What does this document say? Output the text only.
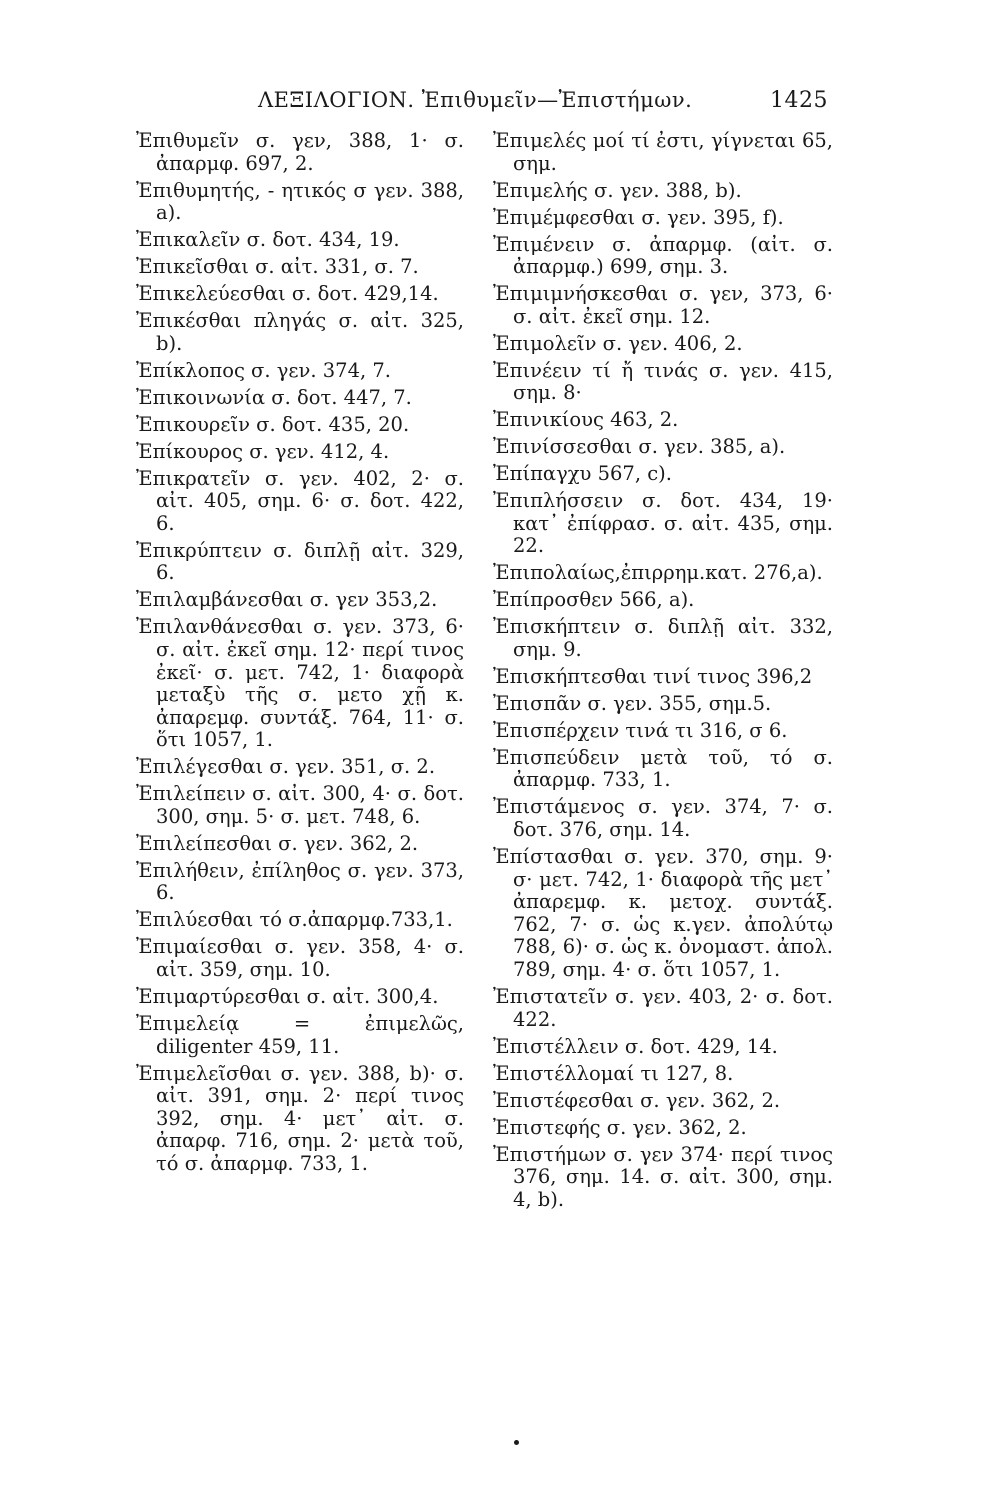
ΛΕΞΙΛΟΓΙΟΝ. Ἐπιθυμεῖν—Ἐπιστήμων.	1425
Ἐπιθυμεῖν σ. γεν, 388, 1· σ. ἀπαρμφ. 697, 2.
Ἐπιθυμητής, - ητικός σ γεν. 388, a).
Ἐπικαλεῖν σ. δοτ. 434, 19.
Ἐπικεῖσθαι σ. αἰτ. 331, σ. 7.
Ἐπικελεύεσθαι σ. δοτ. 429,14.
Ἐπικέσθαι πληγάς σ. αἰτ. 325, b).
Ἐπίκλοπος σ. γεν. 374, 7.
Ἐπικοινωνία σ. δοτ. 447, 7.
Ἐπικουρεῖν σ. δοτ. 435, 20.
Ἐπίκουρος σ. γεν. 412, 4.
Ἐπικρατεῖν σ. γεν. 402, 2· σ. αἰτ. 405, σημ. 6· σ. δοτ. 422, 6.
Ἐπικρύπτειν σ. διπλῇ αἰτ. 329, 6.
Ἐπιλαμβάνεσθαι σ. γεν 353,2.
Ἐπιλανθάνεσθαι σ. γεν. 373, 6· σ. αἰτ. ἐκεῖ σημ. 12· περί τινος ἐκεῖ· σ. μετ. 742, 1· διαφορὰ μεταξὺ τῆς σ. μετο χῇ κ. ἀπαρεμφ. συντάξ. 764, 11· σ. ὅτι 1057, 1.
Ἐπιλέγεσθαι σ. γεν. 351, σ. 2.
Ἐπιλείπειν σ. αἰτ. 300, 4· σ. δοτ. 300, σημ. 5· σ. μετ. 748, 6.
Ἐπιλείπεσθαι σ. γεν. 362, 2.
Ἐπιλήθειν, ἐπίληθος σ. γεν. 373, 6.
Ἐπιλύεσθαι τό σ.ἀπαρμφ.733,1.
Ἐπιμαίεσθαι σ. γεν. 358, 4· σ. αἰτ. 359, σημ. 10.
Ἐπιμαρτύρεσθαι σ. αἰτ. 300,4.
Ἐπιμελείᾳ = ἐπιμελῶς, diligenter 459, 11.
Ἐπιμελεῖσθαι σ. γεν. 388, b)· σ. αἰτ. 391, σημ. 2· περί τινος 392, σημ. 4· μετ᾽ αἰτ. σ. ἀπαρφ. 716, σημ. 2· μετὰ τοῦ, τό σ. ἀπαρμφ. 733, 1.
Ἐπιμελές μοί τί ἐστι, γίγνεται 65, σημ.
Ἐπιμελής σ. γεν. 388, b).
Ἐπιμέμφεσθαι σ. γεν. 395, f).
Ἐπιμένειν σ. ἀπαρμφ. (αἰτ. σ. ἀπαρμφ.) 699, σημ. 3.
Ἐπιμιμνήσκεσθαι σ. γεν, 373, 6· σ. αἰτ. ἐκεῖ σημ. 12.
Ἐπιμολεῖν σ. γεν. 406, 2.
Ἐπινέειν τί ἤ τινάς σ. γεν. 415, σημ. 8·
Ἐπινικίους 463, 2.
Ἐπινίσσεσθαι σ. γεν. 385, a).
Ἐπίπαγχυ 567, c).
Ἐπιπλήσσειν σ. δοτ. 434, 19· κατ᾽ ἐπίφρασ. σ. αἰτ. 435, σημ. 22.
Ἐπιπολαίως,ἐπιρρημ.κατ. 276,a).
Ἐπίπροσθεν 566, a).
Ἐπισκήπτειν σ. διπλῇ αἰτ. 332, σημ. 9.
Ἐπισκήπτεσθαι τινί τινος 396,2
Ἐπισπᾶν σ. γεν. 355, σημ.5.
Ἐπισπέρχειν τινά τι 316, σ 6.
Ἐπισπεύδειν μετὰ τοῦ, τό σ. ἀπαρμφ. 733, 1.
Ἐπιστάμενος σ. γεν. 374, 7· σ. δοτ. 376, σημ. 14.
Ἐπίστασθαι σ. γεν. 370, σημ. 9· σ· μετ. 742, 1· διαφορὰ τῆς μετ᾽ ἀπαρεμφ. κ. μετοχ. συντάξ. 762, 7· σ. ὡς κ.γεν. ἀπολύτῳ 788, 6)· σ. ὡς κ. ὀνομαστ. ἀπολ. 789, σημ. 4· σ. ὅτι 1057, 1.
Ἐπιστατεῖν σ. γεν. 403, 2· σ. δοτ. 422.
Ἐπιστέλλειν σ. δοτ. 429, 14.
Ἐπιστέλλομαί τι 127, 8.
Ἐπιστέφεσθαι σ. γεν. 362, 2.
Ἐπιστεφής σ. γεν. 362, 2.
Ἐπιστήμων σ. γεν 374· περί τινος 376, σημ. 14. σ. αἰτ. 300, σημ. 4, b).
